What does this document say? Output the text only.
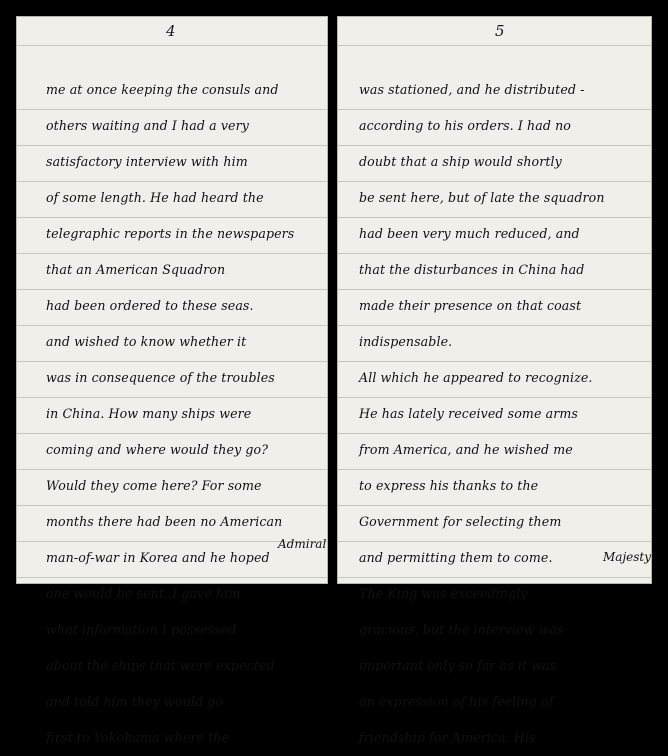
4
me at once keeping the consuls and
others waiting and I had a very
satisfactory interview with him
of some length. He had heard the
telegraphic reports in the newspapers
that an American Squadron
had been ordered to these seas.
and wished to know whether it
was in consequence of the troubles
in China. How many ships were
coming and where would they go?
Would they come here? For some
months there had been no American
man-of-war in Korea and he hoped
one would be sent. I gave him
what information I possessed
about the ships that were expected
and told him they would go
first to Yokohama where the
Admiral
5
was stationed, and he distributed -
according to his orders. I had no
doubt that a ship would shortly
be sent here, but of late the squadron
had been very much reduced, and
that the disturbances in China had
made their presence on that coast
indispensable.
All which he appeared to recognize.
He has lately received some arms
from America, and he wished me
to express his thanks to the
Government for selecting them
and permitting them to come.
The King was exceedingly
gracious, but the interview was
important only so far as it was
an expression of his feeling of
friendship for America. His
Majesty
